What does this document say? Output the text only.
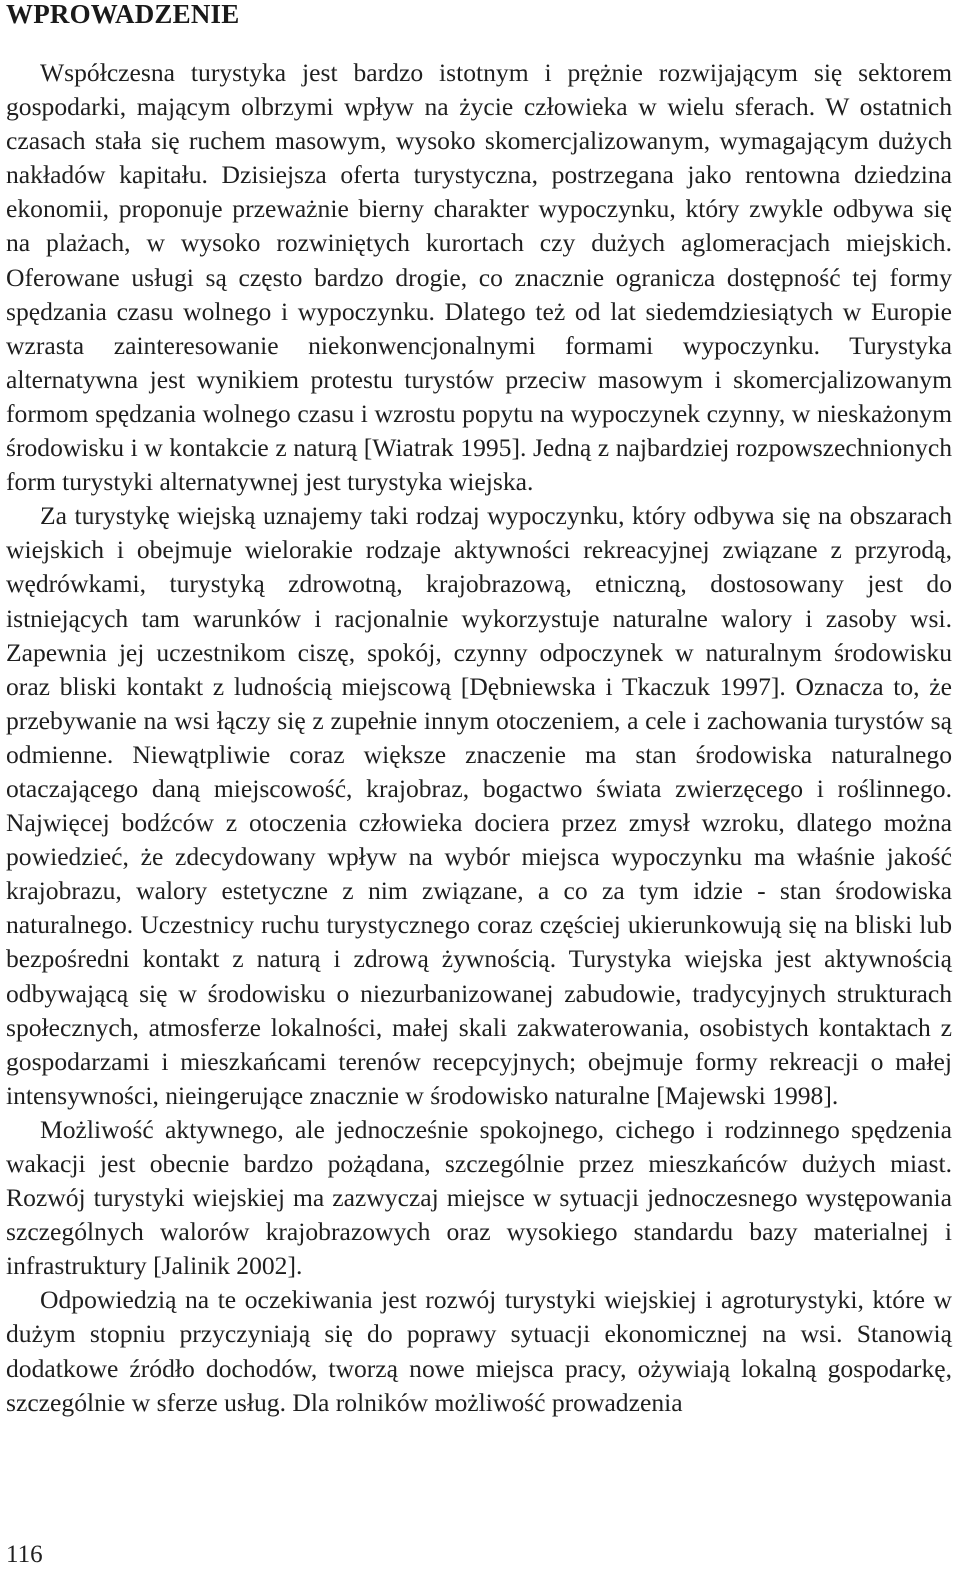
WPROWADZENIE

Współczesna turystyka jest bardzo istotnym i prężnie rozwijającym się sektorem gospodarki, mającym olbrzymi wpływ na życie człowieka w wielu sferach. W ostatnich czasach stała się ruchem masowym, wysoko skomercjalizowanym, wymagającym dużych nakładów kapitału. Dzisiejsza oferta turystyczna, postrzegana jako rentowna dziedzina ekonomii, proponuje przeważnie bierny charakter wypoczynku, który zwykle odbywa się na plażach, w wysoko rozwiniętych kurortach czy dużych aglomeracjach miejskich. Oferowane usługi są często bardzo drogie, co znacznie ogranicza dostępność tej formy spędzania czasu wolnego i wypoczynku. Dlatego też od lat siedemdziesiątych w Europie wzrasta zainteresowanie niekonwencjonalnymi formami wypoczynku. Turystyka alternatywna jest wynikiem protestu turystów przeciw masowym i skomercjalizowanym formom spędzania wolnego czasu i wzrostu popytu na wypoczynek czynny, w nieskażonym środowisku i w kontakcie z naturą [Wiatrak 1995]. Jedną z najbardziej rozpowszechnionych form turystyki alternatywnej jest turystyka wiejska.

Za turystykę wiejską uznajemy taki rodzaj wypoczynku, który odbywa się na obszarach wiejskich i obejmuje wielorakie rodzaje aktywności rekreacyjnej związane z przyrodą, wędrówkami, turystyką zdrowotną, krajobrazową, etniczną, dostosowany jest do istniejących tam warunków i racjonalnie wykorzystuje naturalne walory i zasoby wsi. Zapewnia jej uczestnikom ciszę, spokój, czynny odpoczynek w naturalnym środowisku oraz bliski kontakt z ludnością miejscową [Dębniewska i Tkaczuk 1997]. Oznacza to, że przebywanie na wsi łączy się z zupełnie innym otoczeniem, a cele i zachowania turystów są odmienne. Niewątpliwie coraz większe znaczenie ma stan środowiska naturalnego otaczającego daną miejscowość, krajobraz, bogactwo świata zwierzęcego i roślinnego. Najwięcej bodźców z otoczenia człowieka dociera przez zmysł wzroku, dlatego można powiedzieć, że zdecydowany wpływ na wybór miejsca wypoczynku ma właśnie jakość krajobrazu, walory estetyczne z nim związane, a co za tym idzie - stan środowiska naturalnego. Uczestnicy ruchu turystycznego coraz częściej ukierunkowują się na bliski lub bezpośredni kontakt z naturą i zdrową żywnością. Turystyka wiejska jest aktywnością odbywającą się w środowisku o niezurbanizowanej zabudowie, tradycyjnych strukturach społecznych, atmosferze lokalności, małej skali zakwaterowania, osobistych kontaktach z gospodarzami i mieszkańcami terenów recepcyjnych; obejmuje formy rekreacji o małej intensywności, nieingerujące znacznie w środowisko naturalne [Majewski 1998].

Możliwość aktywnego, ale jednocześnie spokojnego, cichego i rodzinnego spędzenia wakacji jest obecnie bardzo pożądana, szczególnie przez mieszkańców dużych miast. Rozwój turystyki wiejskiej ma zazwyczaj miejsce w sytuacji jednoczesnego występowania szczególnych walorów krajobrazowych oraz wysokiego standardu bazy materialnej i infrastruktury [Jalinik 2002].

Odpowiedzią na te oczekiwania jest rozwój turystyki wiejskiej i agroturystyki, które w dużym stopniu przyczyniają się do poprawy sytuacji ekonomicznej na wsi. Stanowią dodatkowe źródło dochodów, tworzą nowe miejsca pracy, ożywiają lokalną gospodarkę, szczególnie w sferze usług. Dla rolników możliwość prowadzenia

116
